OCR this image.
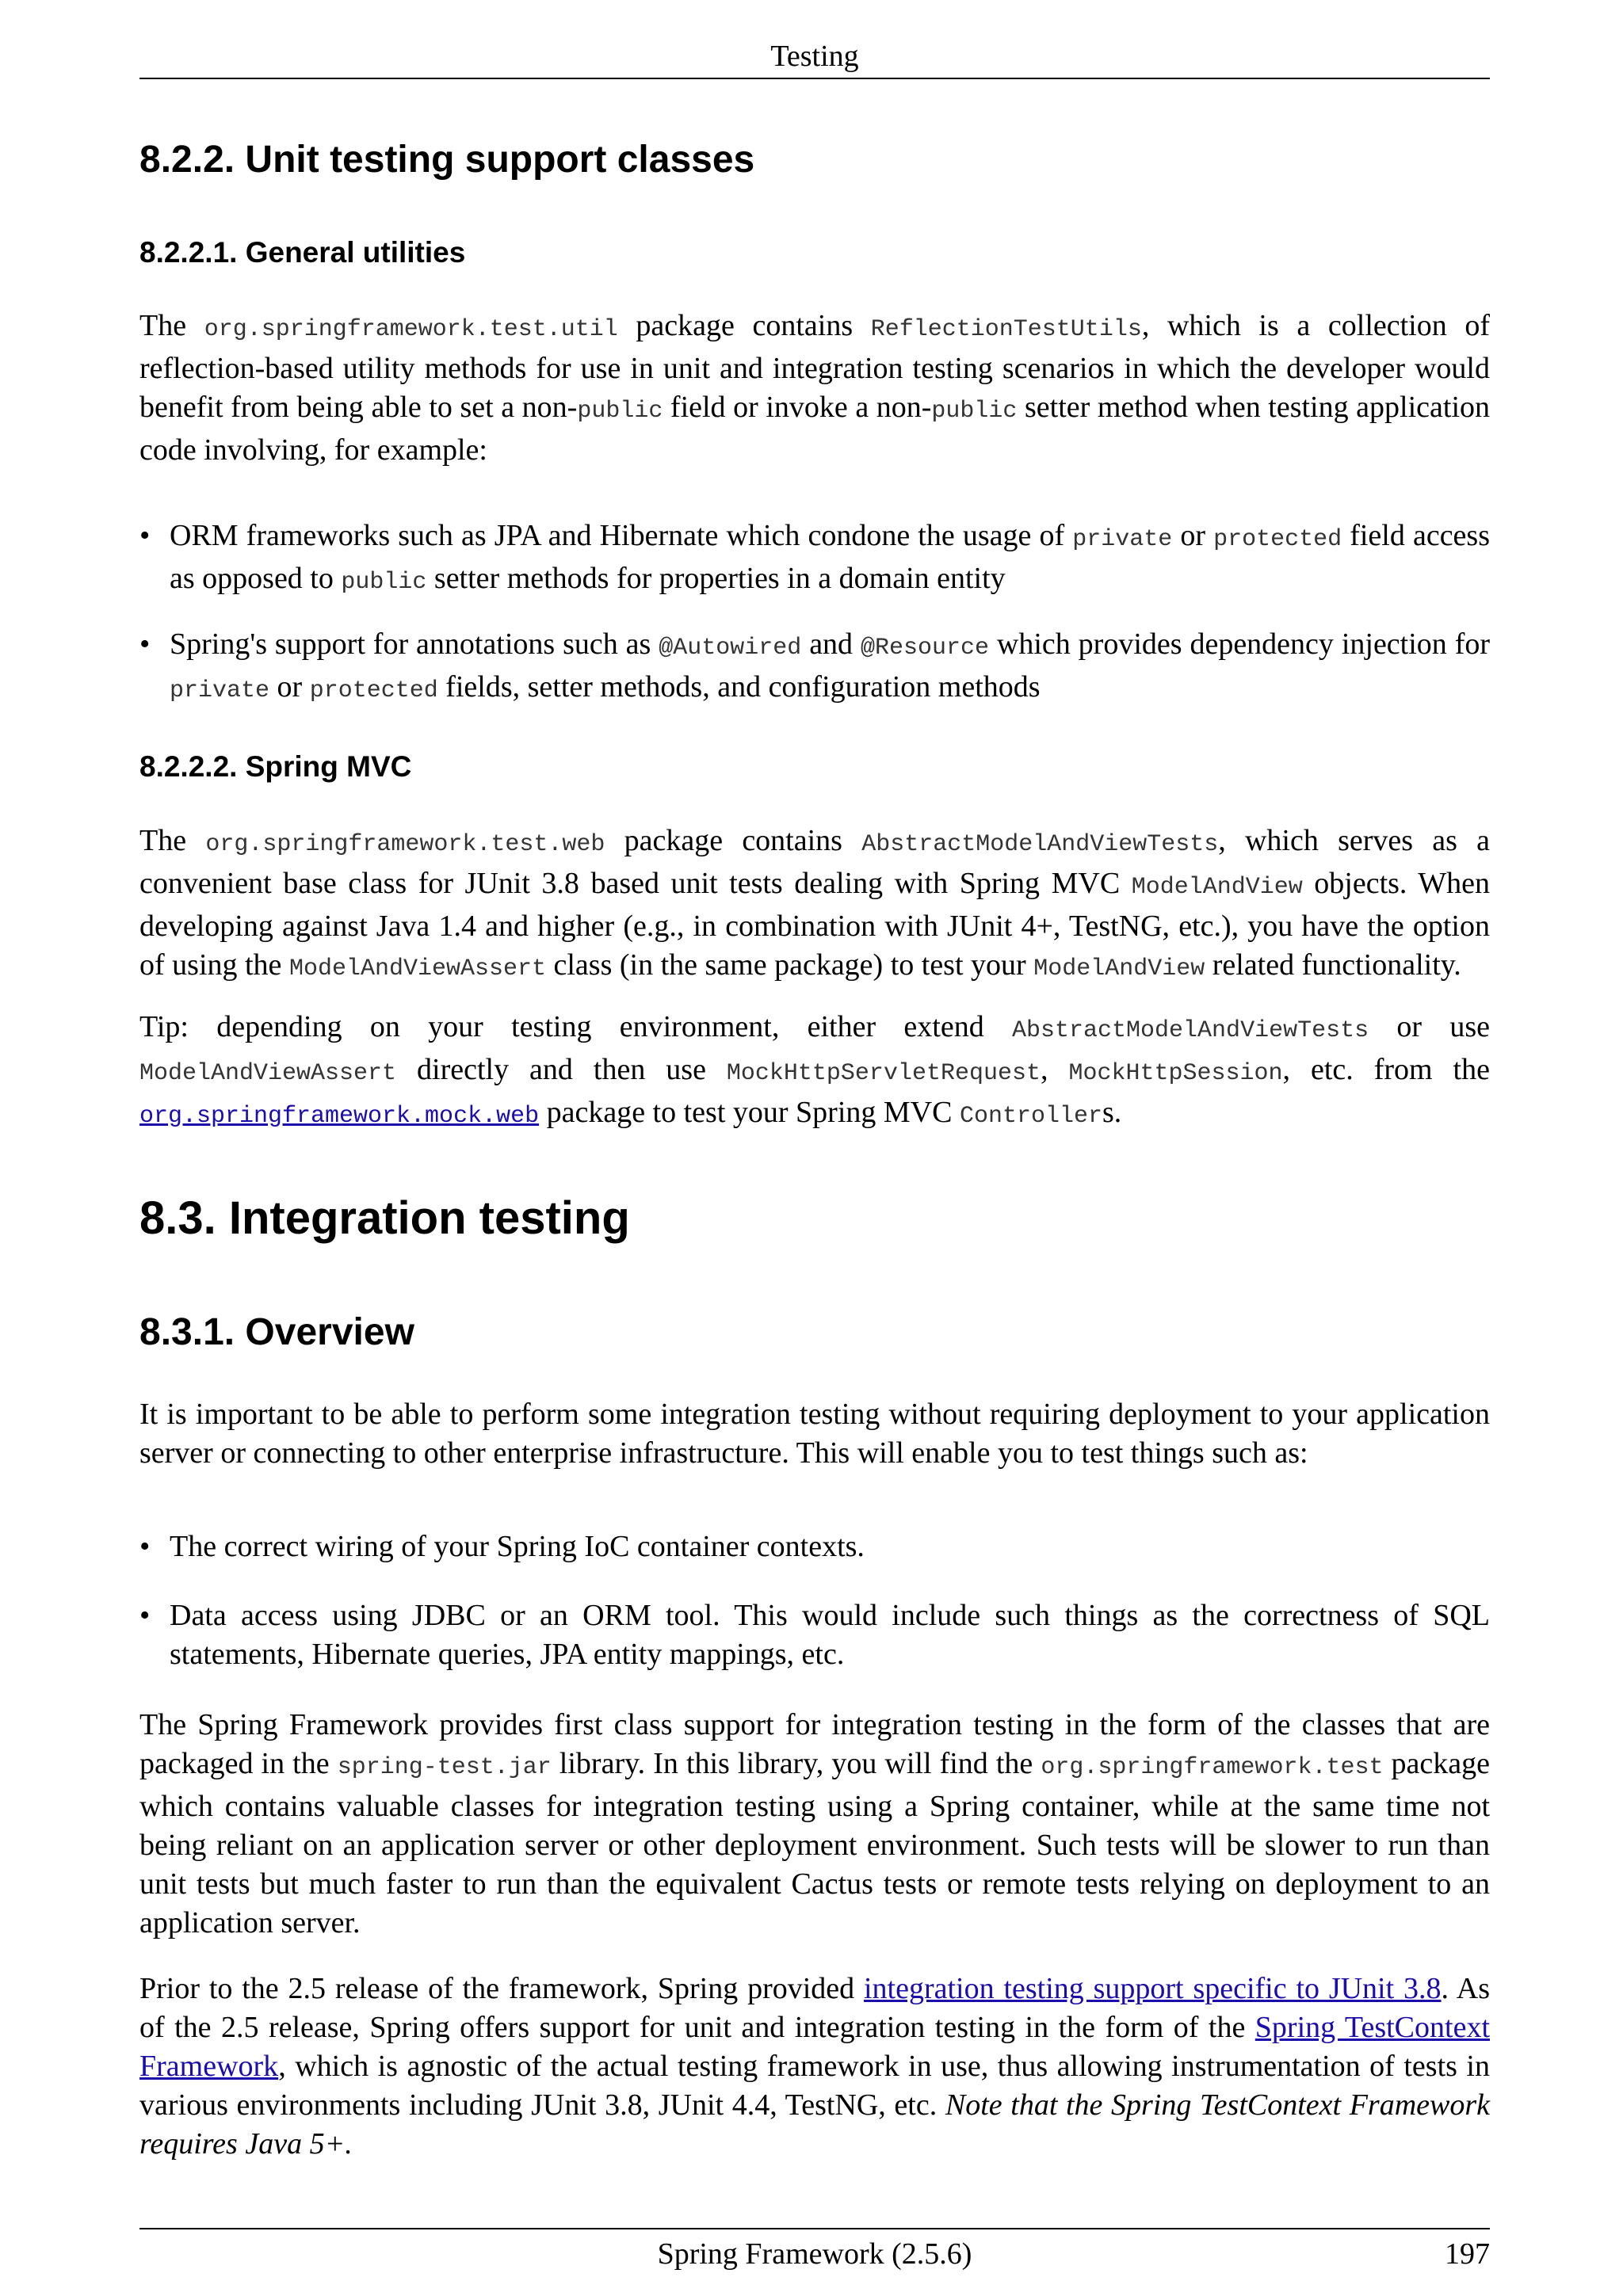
Testing
8.2.2. Unit testing support classes
8.2.2.1. General utilities

The org.springframework.test.util package contains ReflectionTestUtils, which is a collection of reflection-based utility methods for use in unit and integration testing scenarios in which the developer would benefit from being able to set a non-public field or invoke a non-public setter method when testing application code involving, for example:

• ORM frameworks such as JPA and Hibernate which condone the usage of private or protected field access as opposed to public setter methods for properties in a domain entity
• Spring's support for annotations such as @Autowired and @Resource which provides dependency injection for private or protected fields, setter methods, and configuration methods
8.2.2.2. Spring MVC

The org.springframework.test.web package contains AbstractModelAndViewTests, which serves as a convenient base class for JUnit 3.8 based unit tests dealing with Spring MVC ModelAndView objects. When developing against Java 1.4 and higher (e.g., in combination with JUnit 4+, TestNG, etc.), you have the option of using the ModelAndViewAssert class (in the same package) to test your ModelAndView related functionality.

Tip: depending on your testing environment, either extend AbstractModelAndViewTests or use ModelAndViewAssert directly and then use MockHttpServletRequest, MockHttpSession, etc. from the org.springframework.mock.web package to test your Spring MVC Controllers.

8.3. Integration testing
8.3.1. Overview

It is important to be able to perform some integration testing without requiring deployment to your application server or connecting to other enterprise infrastructure. This will enable you to test things such as:

• The correct wiring of your Spring IoC container contexts.
• Data access using JDBC or an ORM tool. This would include such things as the correctness of SQL statements, Hibernate queries, JPA entity mappings, etc.

The Spring Framework provides first class support for integration testing in the form of the classes that are packaged in the spring-test.jar library. In this library, you will find the org.springframework.test package which contains valuable classes for integration testing using a Spring container, while at the same time not being reliant on an application server or other deployment environment. Such tests will be slower to run than unit tests but much faster to run than the equivalent Cactus tests or remote tests relying on deployment to an application server.

Prior to the 2.5 release of the framework, Spring provided integration testing support specific to JUnit 3.8. As of the 2.5 release, Spring offers support for unit and integration testing in the form of the Spring TestContext Framework, which is agnostic of the actual testing framework in use, thus allowing instrumentation of tests in various environments including JUnit 3.8, JUnit 4.4, TestNG, etc. Note that the Spring TestContext Framework requires Java 5+.

Spring Framework (2.5.6)	197
